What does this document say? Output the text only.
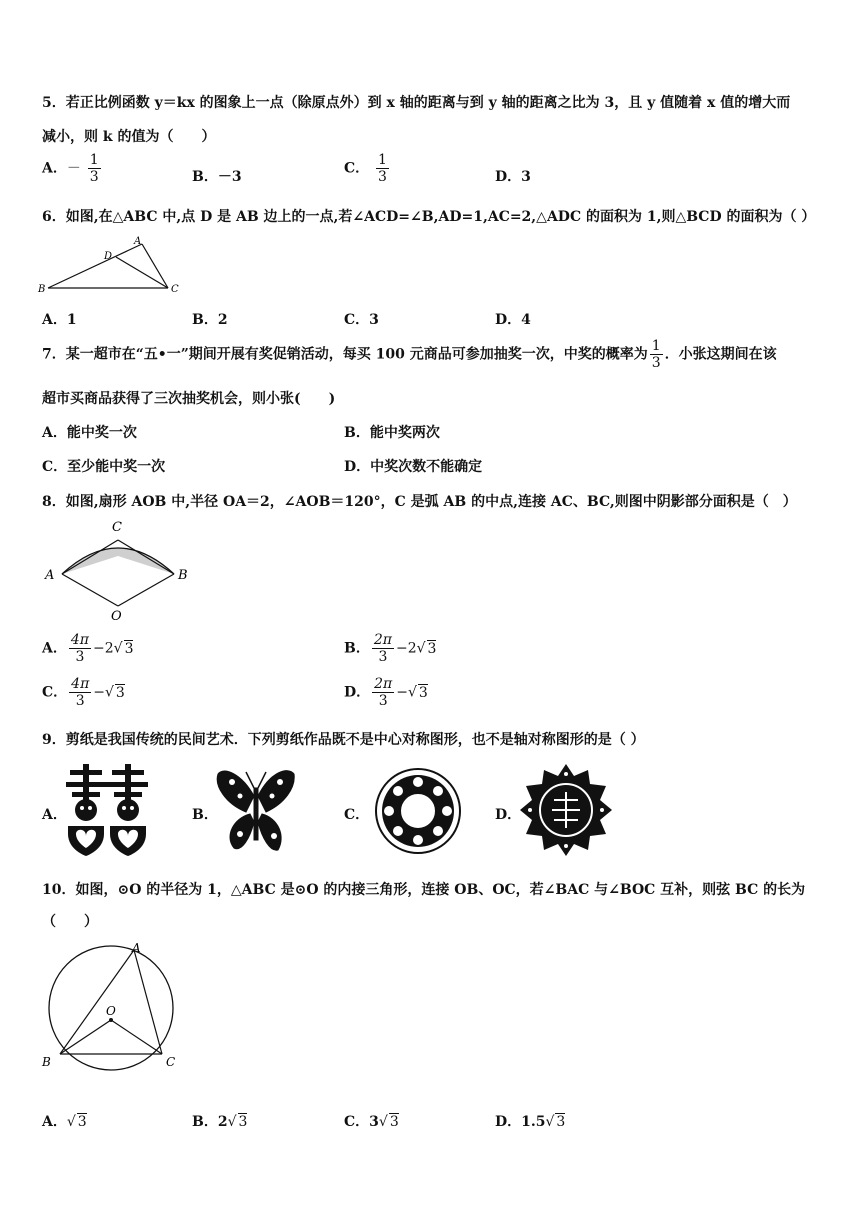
5．若正比例函数 y＝kx 的图象上一点（除原点外）到 x 轴的距离与到 y 轴的距离之比为 3，且 y 值随着 x 值的增大而
减小，则 k 的值为（　　）
A．－ $\frac{1}{3}$	B．－3
C． $\frac{1}{3}$	D．3
6．如图,在△ABC 中,点 D 是 AB 边上的一点,若∠ACD=∠B,AD=1,AC=2,△ADC 的面积为 1,则△BCD 的面积为（ ）
A
D
B	C
A．1	B．2	C．3	D．4
7．某一超市在“五•一”期间开展有奖促销活动，每买 100 元商品可参加抽奖一次，中奖的概率为 $\frac{1}{3}$ ．小张这期间在该
超市买商品获得了三次抽奖机会，则小张(　　)
A．能中奖一次	B．能中奖两次
C．至少能中奖一次	D．中奖次数不能确定
8．如图,扇形 AOB 中,半径 OA＝2，∠AOB＝120°，C 是弧 AB 的中点,连接 AC、BC,则图中阴影部分面积是（　）
C
A	B
O
A． $\frac{4\pi}{3} -2√$ 3	B． $\frac{2\pi}{3} -2√$ 3
C． $\frac{4\pi}{3}$ −√ 3	D． $\frac{2\pi}{3}$ −√ 3
9．剪纸是我国传统的民间艺术．下列剪纸作品既不是中心对称图形，也不是轴对称图形的是（ ）
A．	B．	C．	D．
10．如图，⊙O 的半径为 1，△ABC 是⊙O 的内接三角形，连接 OB、OC，若∠BAC 与∠BOC 互补，则弦 BC 的长为
（　　）
A
O
B	C
A．√ 3	B．2√ 3	C．3√ 3	D．1.5√ 3
